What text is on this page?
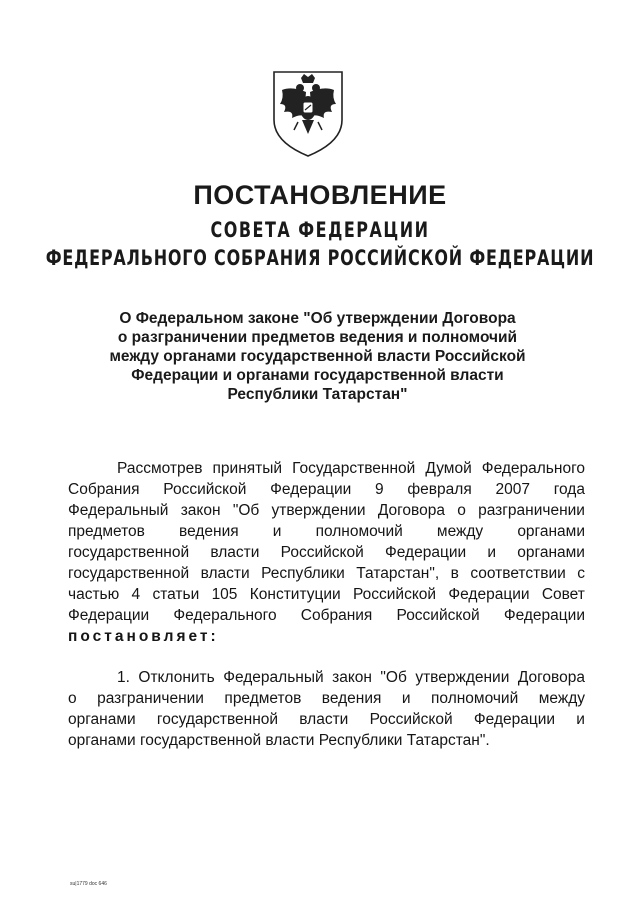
ПОСТАНОВЛЕНИЕ
СОВЕТА ФЕДЕРАЦИИ
ФЕДЕРАЛЬНОГО СОБРАНИЯ РОССИЙСКОЙ ФЕДЕРАЦИИ
О Федеральном законе "Об утверждении Договора
о разграничении предметов ведения и полномочий
между органами государственной власти Российской
Федерации и органами государственной власти
Республики Татарстан"
Рассмотрев принятый Государственной Думой Федерального
Собрания Российской Федерации 9 февраля 2007 года
Федеральный закон "Об утверждении Договора о разграничении
предметов ведения и полномочий между органами
государственной власти Российской Федерации и органами
государственной власти Республики Татарстан", в соответствии с
частью 4 статьи 105 Конституции Российской Федерации Совет
Федерации Федерального Собрания Российской Федерации
постановляет:
1. Отклонить Федеральный закон "Об утверждении Договора
о разграничении предметов ведения и полномочий между
органами государственной власти Российской Федерации и
органами государственной власти Республики Татарстан".
su|1779 doc 646
